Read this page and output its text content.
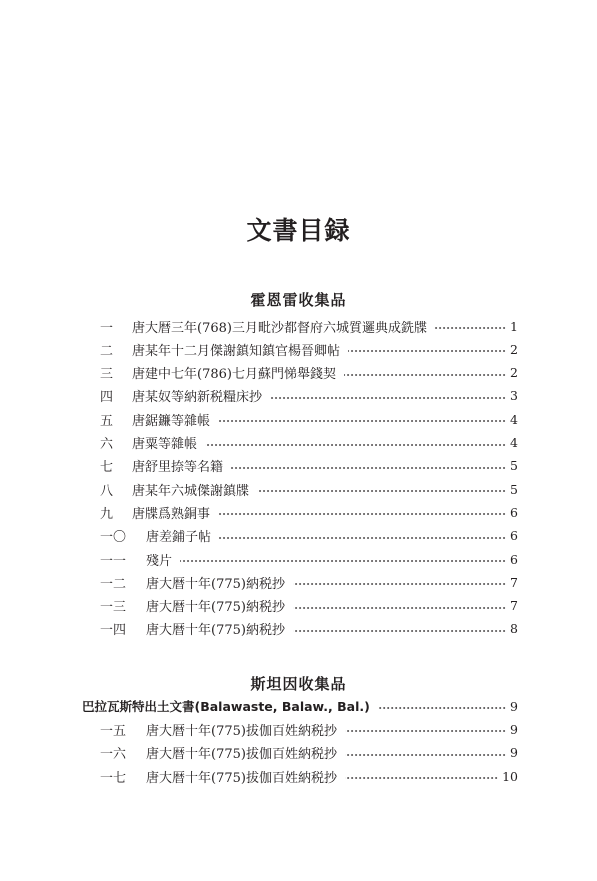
文書目録
霍恩雷收集品
斯坦因收集品
一	唐大暦三年(768)三月毗沙都督府六城質邏典成銑牒	1
二	唐某年十二月傑謝鎮知鎮官楊晉卿帖	2
三	唐建中七年(786)七月蘇門悌舉錢契	2
四	唐某奴等納新税糧床抄	3
五	唐鋸鐮等雜帳	4
六	唐粟等雜帳	4
七	唐舒里捺等名籍	5
八	唐某年六城傑謝鎮牒	5
九	唐牒爲熟銅事	6
一〇	唐差鋪子帖	6
一一	殘片	6
一二	唐大暦十年(775)納税抄	7
一三	唐大暦十年(775)納税抄	7
一四	唐大暦十年(775)納税抄	8
巴拉瓦斯特出土文書(Balawaste, Balaw., Bal.)	9
一五	唐大暦十年(775)拔伽百姓納税抄	9
一六	唐大暦十年(775)拔伽百姓納税抄	9
一七	唐大暦十年(775)拔伽百姓納税抄	10
